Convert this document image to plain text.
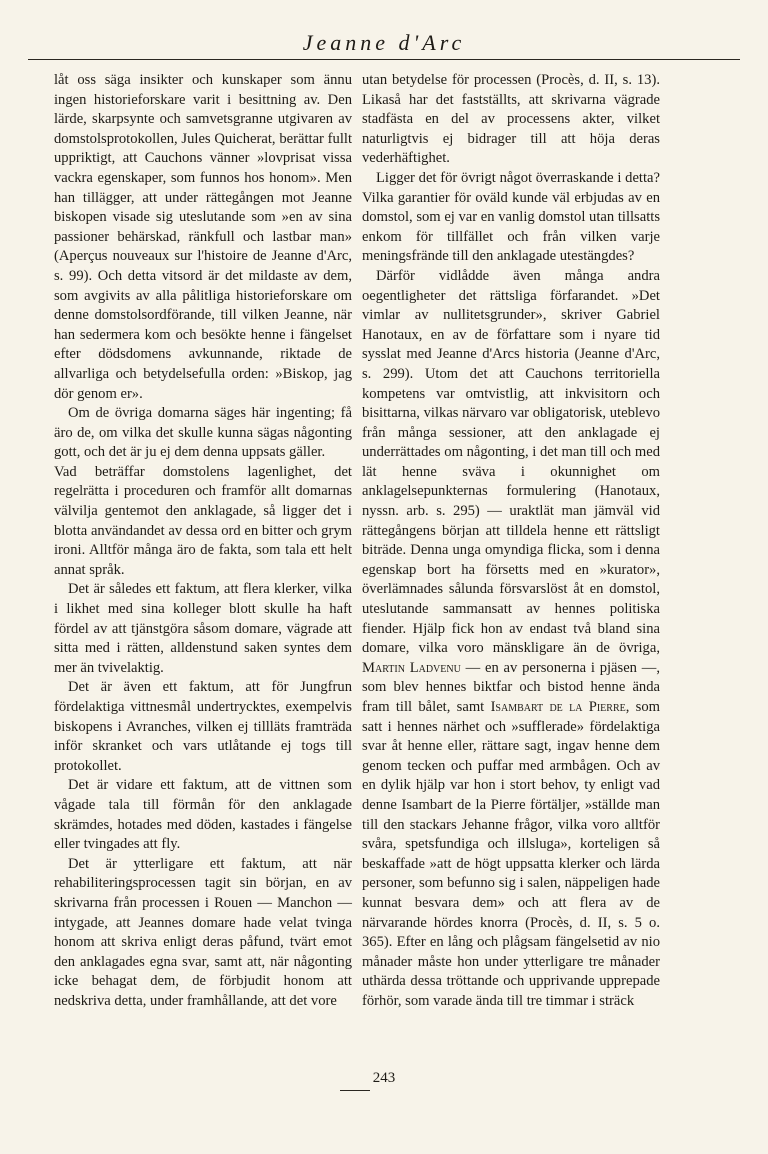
Jeanne d'Arc

låt oss säga insikter och kunskaper som ännu ingen historieforskare varit i besittning av. Den lärde, skarpsynte och samvetsgranne utgivaren av domstolsprotokollen, Jules Quicherat, berättar fullt uppriktigt, att Cauchons vänner »lovprisat vissa vackra egenskaper, som funnos hos honom». Men han tillägger, att under rättegången mot Jeanne biskopen visade sig uteslutande som »en av sina passioner behärskad, ränkfull och lastbar man» (Aperçus nouveaux sur l'histoire de Jeanne d'Arc, s. 99). Och detta vitsord är det mildaste av dem, som avgivits av alla pålitliga historieforskare om denne domstolsordförande, till vilken Jeanne, när han sedermera kom och besökte henne i fängelset efter dödsdomens avkunnande, riktade de allvarliga och betydelsefulla orden: »Biskop, jag dör genom er».

Om de övriga domarna säges här ingenting; få äro de, om vilka det skulle kunna sägas någonting gott, och det är ju ej dem denna uppsats gäller.

Vad beträffar domstolens lagenlighet, det regelrätta i proceduren och framför allt domarnas välvilja gentemot den anklagade, så ligger det i blotta användandet av dessa ord en bitter och grym ironi. Alltför många äro de fakta, som tala ett helt annat språk.

Det är således ett faktum, att flera klerker, vilka i likhet med sina kolleger blott skulle ha haft fördel av att tjänstgöra såsom domare, vägrade att sitta med i rätten, alldenstund saken syntes dem mer än tvivelaktig.

Det är även ett faktum, att för Jungfrun fördelaktiga vittnesmål undertrycktes, exempelvis biskopens i Avranches, vilken ej tillläts framträda inför skranket och vars utlåtande ej togs till protokollet.

Det är vidare ett faktum, att de vittnen som vågade tala till förmån för den anklagade skrämdes, hotades med döden, kastades i fängelse eller tvingades att fly.

Det är ytterligare ett faktum, att när rehabiliteringsprocessen tagit sin början, en av skrivarna från processen i Rouen — Manchon — intygade, att Jeannes domare hade velat tvinga honom att skriva enligt deras påfund, tvärt emot den anklagades egna svar, samt att, när någonting icke behagat dem, de förbjudit honom att nedskriva detta, under framhållande, att det vore

utan betydelse för processen (Procès, d. II, s. 13). Likaså har det fastställts, att skrivarna vägrade stadfästa en del av processens akter, vilket naturligtvis ej bidrager till att höja deras vederhäftighet.

Ligger det för övrigt något överraskande i detta? Vilka garantier för oväld kunde väl erbjudas av en domstol, som ej var en vanlig domstol utan tillsatts enkom för tillfället och från vilken varje meningsfrände till den anklagade utestängdes?

Därför vidlådde även många andra oegentligheter det rättsliga förfarandet. »Det vimlar av nullitetsgrunder», skriver Gabriel Hanotaux, en av de författare som i nyare tid sysslat med Jeanne d'Arcs historia (Jeanne d'Arc, s. 299). Utom det att Cauchons territoriella kompetens var omtvistlig, att inkvisitorn och bisittarna, vilkas närvaro var obligatorisk, uteblevo från många sessioner, att den anklagade ej underrättades om någonting, i det man till och med lät henne sväva i okunnighet om anklagelsepunkternas formulering (Hanotaux, nyssn. arb. s. 295) — uraktlät man jämväl vid rättegångens början att tilldela henne ett rättsligt biträde. Denna unga omyndiga flicka, som i denna egenskap bort ha försetts med en »kurator», överlämnades sålunda försvarslöst åt en domstol, uteslutande sammansatt av hennes politiska fiender. Hjälp fick hon av endast två bland sina domare, vilka voro mänskligare än de övriga, Martin Ladvenu — en av personerna i pjäsen —, som blev hennes biktfar och bistod henne ända fram till bålet, samt Isambart de la Pierre, som satt i hennes närhet och »sufflerade» fördelaktiga svar åt henne eller, rättare sagt, ingav henne dem genom tecken och puffar med armbågen. Och av en dylik hjälp var hon i stort behov, ty enligt vad denne Isambart de la Pierre förtäljer, »ställde man till den stackars Jehanne frågor, vilka voro alltför svåra, spetsfundiga och illsluga», korteligen så beskaffade »att de högt uppsatta klerker och lärda personer, som befunno sig i salen, näppeligen hade kunnat besvara dem» och att flera av de närvarande hördes knorra (Procès, d. II, s. 5 o. 365). Efter en lång och plågsam fängelsetid av nio månader måste hon under ytterligare tre månader uthärda dessa tröttande och upprivande upprepade förhör, som varade ända till tre timmar i sträck

243
